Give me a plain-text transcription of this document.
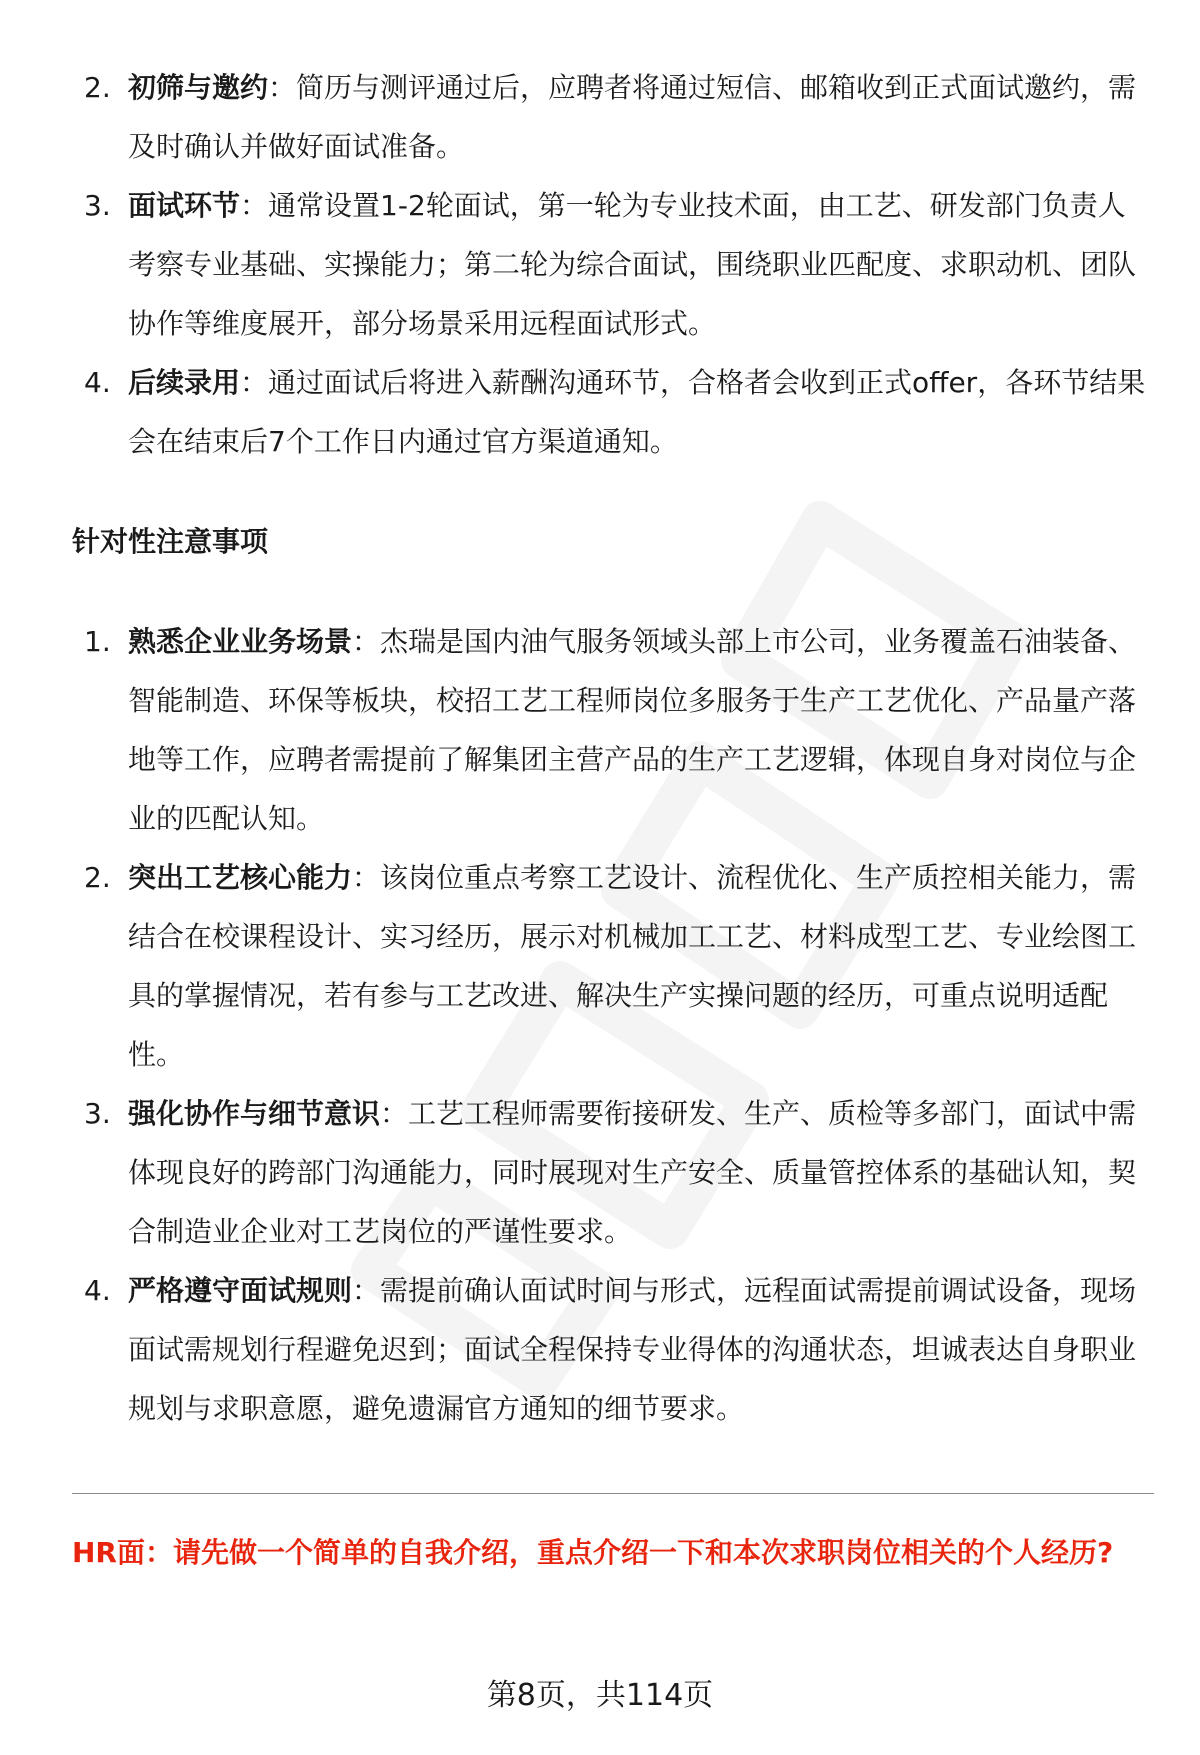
2. 初筛与邀约：简历与测评通过后，应聘者将通过短信、邮箱收到正式面试邀约，需及时确认并做好面试准备。
3. 面试环节：通常设置1-2轮面试，第一轮为专业技术面，由工艺、研发部门负责人考察专业基础、实操能力；第二轮为综合面试，围绕职业匹配度、求职动机、团队协作等维度展开，部分场景采用远程面试形式。
4. 后续录用：通过面试后将进入薪酬沟通环节，合格者会收到正式offer，各环节结果会在结束后7个工作日内通过官方渠道通知。
针对性注意事项
1. 熟悉企业业务场景：杰瑞是国内油气服务领域头部上市公司，业务覆盖石油装备、智能制造、环保等板块，校招工艺工程师岗位多服务于生产工艺优化、产品量产落地等工作，应聘者需提前了解集团主营产品的生产工艺逻辑，体现自身对岗位与企业的匹配认知。
2. 突出工艺核心能力：该岗位重点考察工艺设计、流程优化、生产质控相关能力，需结合在校课程设计、实习经历，展示对机械加工工艺、材料成型工艺、专业绘图工具的掌握情况，若有参与工艺改进、解决生产实操问题的经历，可重点说明适配性。
3. 强化协作与细节意识：工艺工程师需要衔接研发、生产、质检等多部门，面试中需体现良好的跨部门沟通能力，同时展现对生产安全、质量管控体系的基础认知，契合制造业企业对工艺岗位的严谨性要求。
4. 严格遵守面试规则：需提前确认面试时间与形式，远程面试需提前调试设备，现场面试需规划行程避免迟到；面试全程保持专业得体的沟通状态，坦诚表达自身职业规划与求职意愿，避免遗漏官方通知的细节要求。
HR面：请先做一个简单的自我介绍，重点介绍一下和本次求职岗位相关的个人经历?
第8页，共114页
